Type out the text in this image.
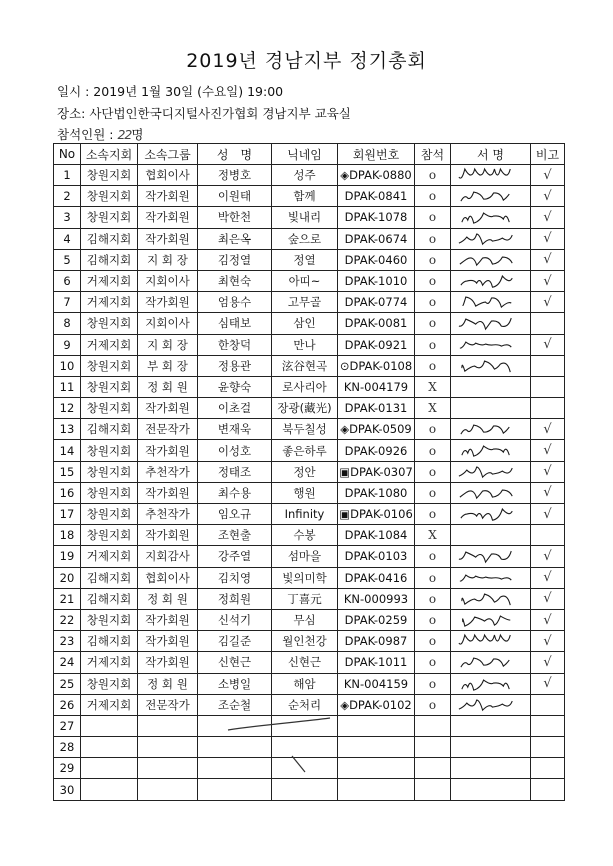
2019년 경남지부 정기총회
일시 : 2019년 1월 30일 (수요일) 19:00
장소: 사단법인한국디지털사진가협회 경남지부 교육실
참석인원 : 22명
No	소속지회	소속그룹	성　명	닉네임	회원번호	참석	서 명	비고
1	창원지회	협회이사	정병호	성주	◈DPAK-0880	o		√
2	창원지회	작가회원	이원태	함께	DPAK-0841	o		√
3	창원지회	작가회원	박한천	빛내리	DPAK-1078	o		√
4	김해지회	작가회원	최은옥	숲으로	DPAK-0674	o		√
5	김해지회	지 회 장	김정열	정열	DPAK-0460	o		√
6	거제지회	지회이사	최현숙	아띠~	DPAK-1010	o		√
7	거제지회	작가회원	엄용수	고무골	DPAK-0774	o		√
8	창원지회	지회이사	심태보	삼인	DPAK-0081	o	

9	거제지회	지 회 장	한창덕	만나	DPAK-0921	o		√
10	창원지회	부 회 장	정용관	泫谷현곡	⊙DPAK-0108	o	

11	창원지회	정 회 원	윤향숙	로사리아	KN-004179	X		
12	창원지회	작가회원	이초걸	장광(藏光)	DPAK-0131	X		
13	김해지회	전문작가	변재욱	북두칠성	◈DPAK-0509	o		√
14	창원지회	작가회원	이성호	좋은하루	DPAK-0926	o		√
15	창원지회	추천작가	정태조	정안	▣DPAK-0307	o		√
16	창원지회	작가회원	최수용	행원	DPAK-1080	o		√
17	창원지회	추천작가	임오규	Infinity	▣DPAK-0106	o		√
18	창원지회	작가회원	조현출	수봉	DPAK-1084	X		
19	거제지회	지회감사	강주열	섬마을	DPAK-0103	o		√
20	김해지회	협회이사	김치영	빛의미학	DPAK-0416	o		√
21	김해지회	정 회 원	정희원	丁喜元	KN-000993	o		√
22	창원지회	작가회원	신석기	무심	DPAK-0259	o		√
23	김해지회	작가회원	김길준	월인천강	DPAK-0987	o		√
24	거제지회	작가회원	신현근	신현근	DPAK-1011	o		√
25	창원지회	정 회 원	소병일	해암	KN-004159	o		√
26	거제지회	전문작가	조순철	순처리	◈DPAK-0102	o	

27								
28								
29								
30								
